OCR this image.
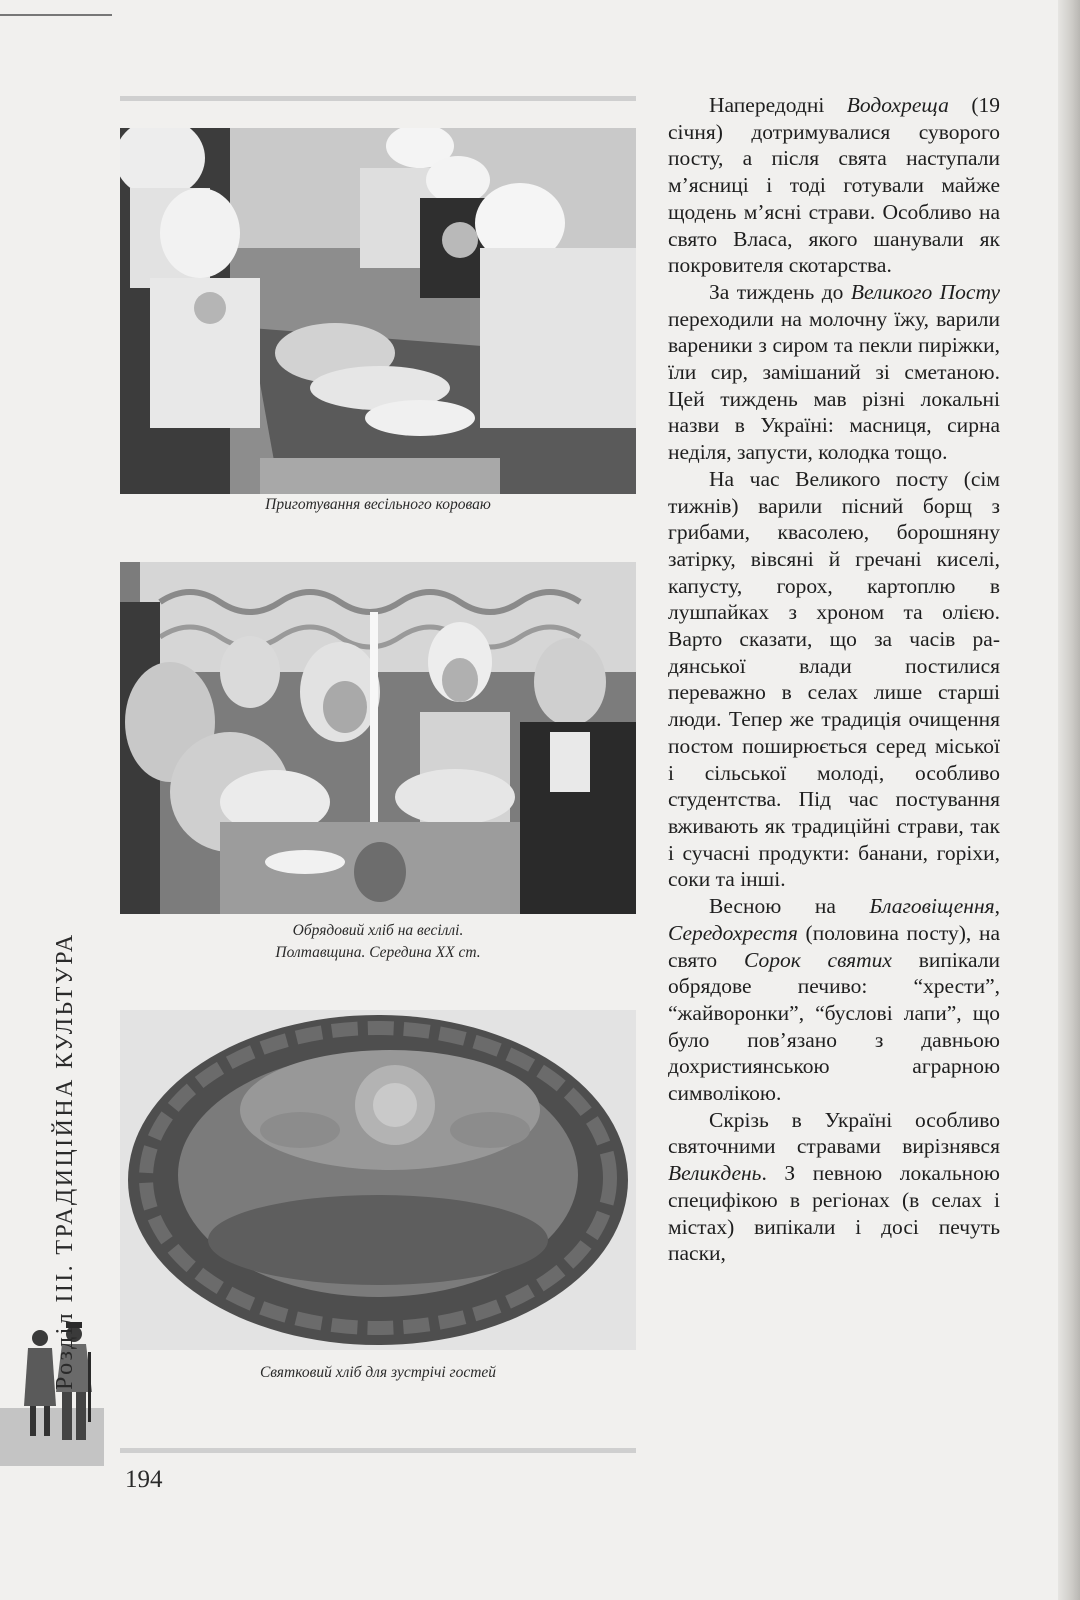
Приготування весільного короваю
Обрядовий хліб на весіллі.
Полтавщина. Середина ХХ ст.
Святковий хліб для зустрічі гостей
Розділ ІІІ. ТРАДИЦІЙНА КУЛЬТУРА
194

Напередодні Водохреща (19 січня) дотримувалися суворого посту, а після свята наступали м’ясниці і тоді готували майже щодень м’ясні страви. Особливо на свято Власа, якого шанували як покровителя скотарства.

За тиждень до Великого Посту переходили на молочну їжу, варили вареники з сиром та пекли пиріжки, їли сир, замішаний зі сметаною. Цей тиждень мав різні локальні назви в Україні: масниця, сирна неділя, запусти, колодка тощо.

На час Великого посту (сім тижнів) варили пісний борщ з грибами, квасолею, борошняну затірку, вівсяні й гречані киселі, капусту, горох, картоплю в лушпайках з хроном та олією. Варто сказати, що за часів радянської влади постилися переважно в селах лише старші люди. Тепер же традиція очищення постом поширюється серед міської і сільської молоді, особливо студентства. Під час постування вживають як традиційні страви, так і сучасні продукти: банани, горіхи, соки та інші.

Весною на Благовіщення, Середохрестя (половина посту), на свято Сорок святих випікали обрядове печиво: “хрести”, “жайворонки”, “буслові лапи”, що було пов’язано з давньою дохристиянською аграрною символікою.

Скрізь в Україні особливо святочними стравами вирізнявся Великдень. З певною локальною специфікою в регіонах (в селах і містах) випікали і досі печуть паски,
